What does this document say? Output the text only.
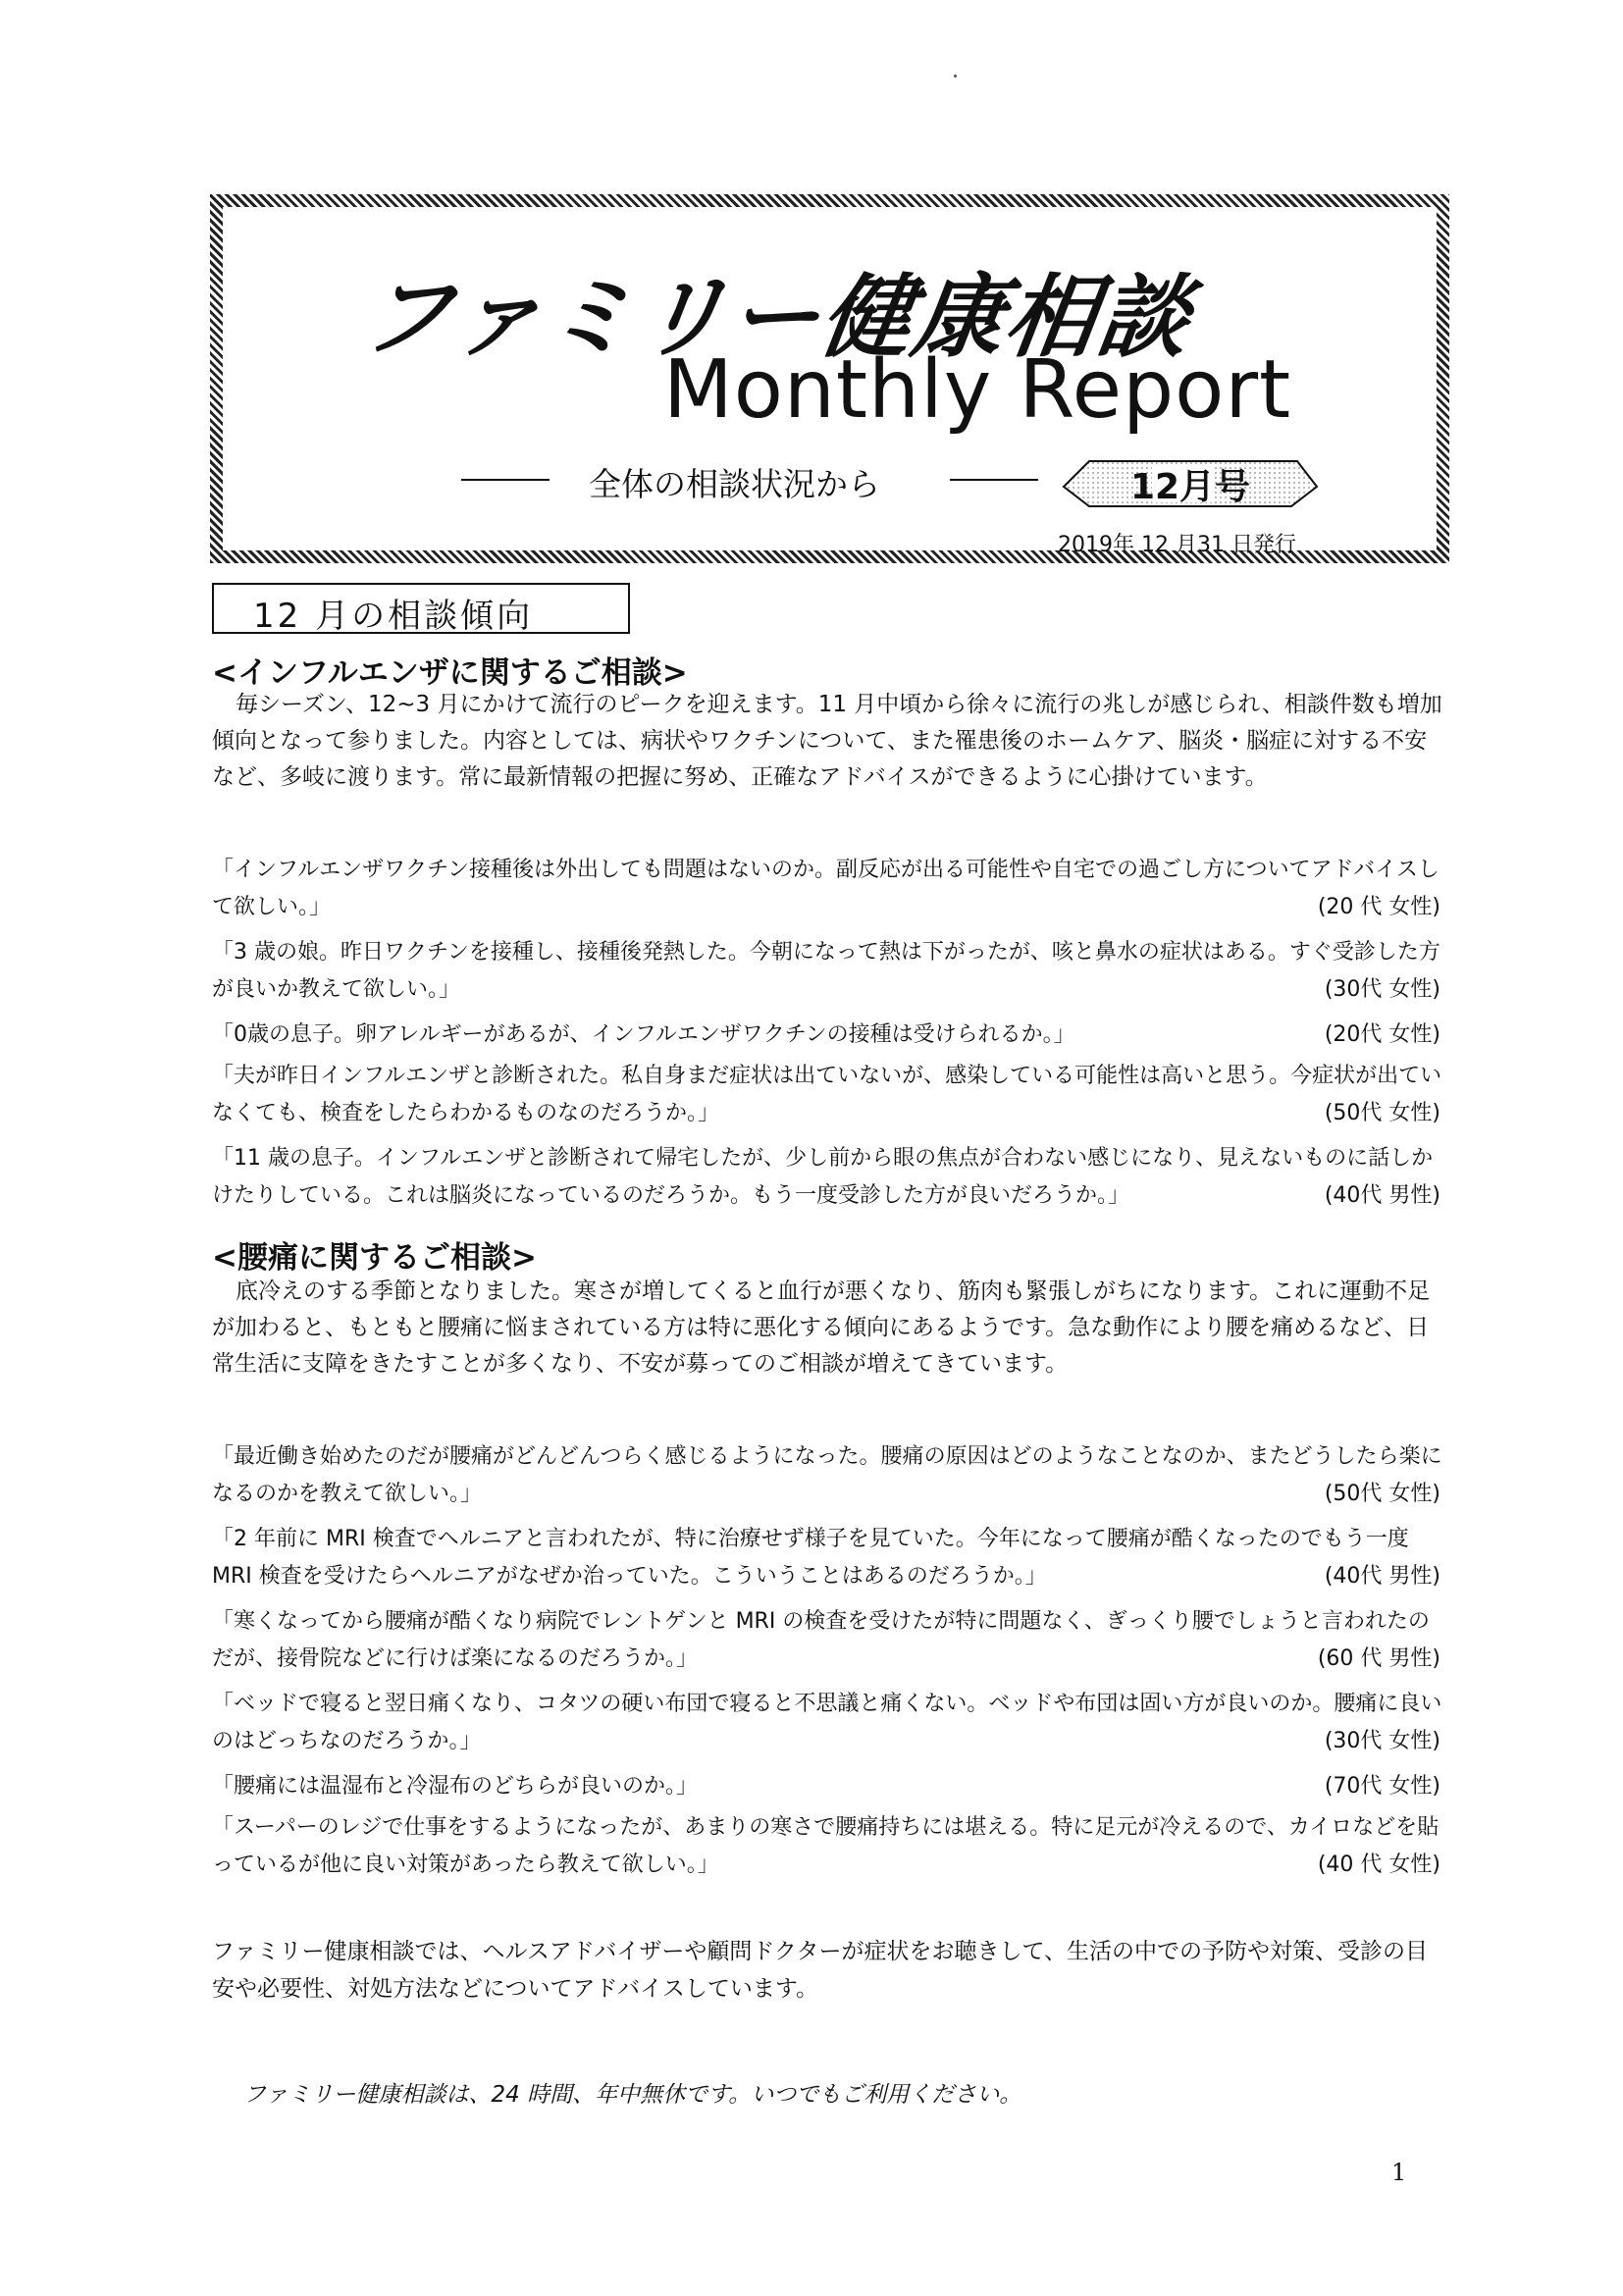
ファミリー健康相談
Monthly Report
全体の相談状況から	12月号
2019年 12 月31 日発行
12 月の相談傾向
<インフルエンザに関するご相談>

毎シーズン、12~3 月にかけて流行のピークを迎えます。11 月中頃から徐々に流行の兆しが感じられ、相談件数も増加傾向となって参りました。内容としては、病状やワクチンについて、また罹患後のホームケア、脳炎・脳症に対する不安など、多岐に渡ります。常に最新情報の把握に努め、正確なアドバイスができるように心掛けています。

「インフルエンザワクチン接種後は外出しても問題はないのか。副反応が出る可能性や自宅での過ごし方についてアドバイスして欲しい。」	(20 代 女性)
「3 歳の娘。昨日ワクチンを接種し、接種後発熱した。今朝になって熱は下がったが、咳と鼻水の症状はある。すぐ受診した方が良いか教えて欲しい。」	(30代 女性)
「0歳の息子。卵アレルギーがあるが、インフルエンザワクチンの接種は受けられるか。」	(20代 女性)
「夫が昨日インフルエンザと診断された。私自身まだ症状は出ていないが、感染している可能性は高いと思う。今症状が出ていなくても、検査をしたらわかるものなのだろうか。」	(50代 女性)
「11 歳の息子。インフルエンザと診断されて帰宅したが、少し前から眼の焦点が合わない感じになり、見えないものに話しかけたりしている。これは脳炎になっているのだろうか。もう一度受診した方が良いだろうか。」	(40代 男性)
<腰痛に関するご相談>

底冷えのする季節となりました。寒さが増してくると血行が悪くなり、筋肉も緊張しがちになります。これに運動不足が加わると、もともと腰痛に悩まされている方は特に悪化する傾向にあるようです。急な動作により腰を痛めるなど、日常生活に支障をきたすことが多くなり、不安が募ってのご相談が増えてきています。

「最近働き始めたのだが腰痛がどんどんつらく感じるようになった。腰痛の原因はどのようなことなのか、またどうしたら楽になるのかを教えて欲しい。」	(50代 女性)
「2 年前に MRI 検査でヘルニアと言われたが、特に治療せず様子を見ていた。今年になって腰痛が酷くなったのでもう一度 MRI 検査を受けたらヘルニアがなぜか治っていた。こういうことはあるのだろうか。」	(40代 男性)
「寒くなってから腰痛が酷くなり病院でレントゲンと MRI の検査を受けたが特に問題なく、ぎっくり腰でしょうと言われたのだが、接骨院などに行けば楽になるのだろうか。」	(60 代 男性)
「ベッドで寝ると翌日痛くなり、コタツの硬い布団で寝ると不思議と痛くない。ベッドや布団は固い方が良いのか。腰痛に良いのはどっちなのだろうか。」	(30代 女性)
「腰痛には温湿布と冷湿布のどちらが良いのか。」	(70代 女性)
「スーパーのレジで仕事をするようになったが、あまりの寒さで腰痛持ちには堪える。特に足元が冷えるので、カイロなどを貼っているが他に良い対策があったら教えて欲しい。」	(40 代 女性)

ファミリー健康相談では、ヘルスアドバイザーや顧問ドクターが症状をお聴きして、生活の中での予防や対策、受診の目安や必要性、対処方法などについてアドバイスしています。

ファミリー健康相談は、24 時間、年中無休です。いつでもご利用ください。
1
